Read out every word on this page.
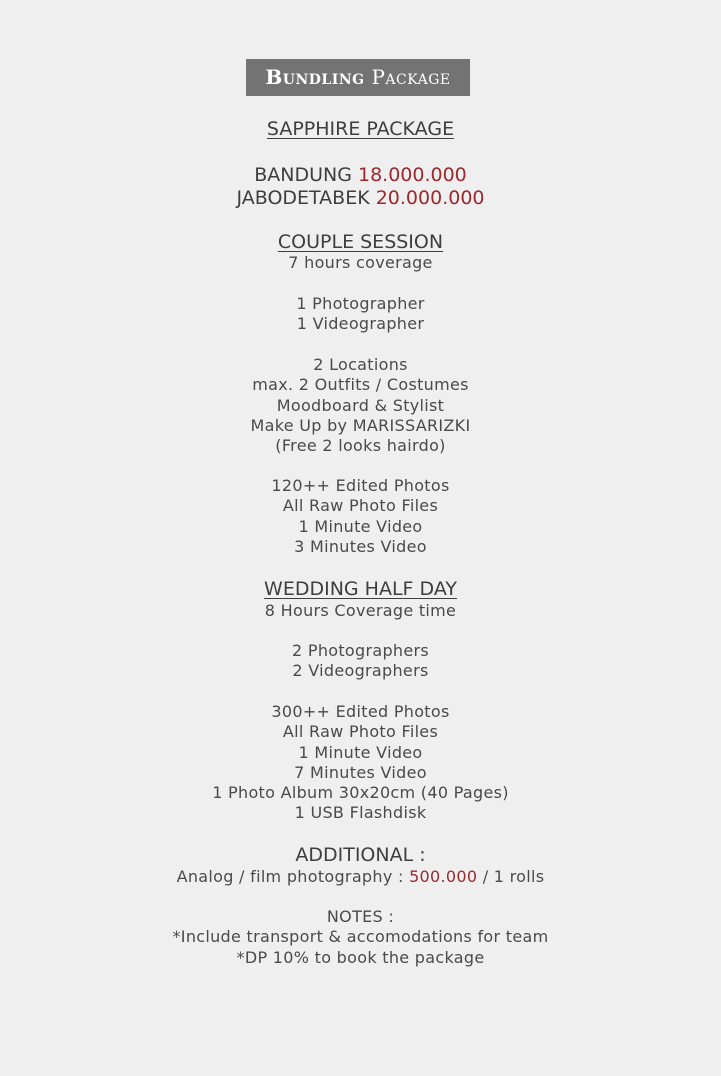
Bundling Package
SAPPHIRE PACKAGE
BANDUNG 18.000.000
JABODETABEK 20.000.000
COUPLE SESSION
7 hours coverage
1 Photographer
1 Videographer
2 Locations
max. 2 Outfits / Costumes
Moodboard & Stylist
Make Up by MARISSARIZKI
(Free 2 looks hairdo)
120++ Edited Photos
All Raw Photo Files
1 Minute Video
3 Minutes Video
WEDDING HALF DAY
8 Hours Coverage time
2 Photographers
2 Videographers
300++ Edited Photos
All Raw Photo Files
1 Minute Video
7 Minutes Video
1 Photo Album 30x20cm (40 Pages)
1 USB Flashdisk
ADDITIONAL :
Analog / film photography : 500.000 / 1 rolls
NOTES :
*Include transport & accomodations for team
*DP 10% to book the package
